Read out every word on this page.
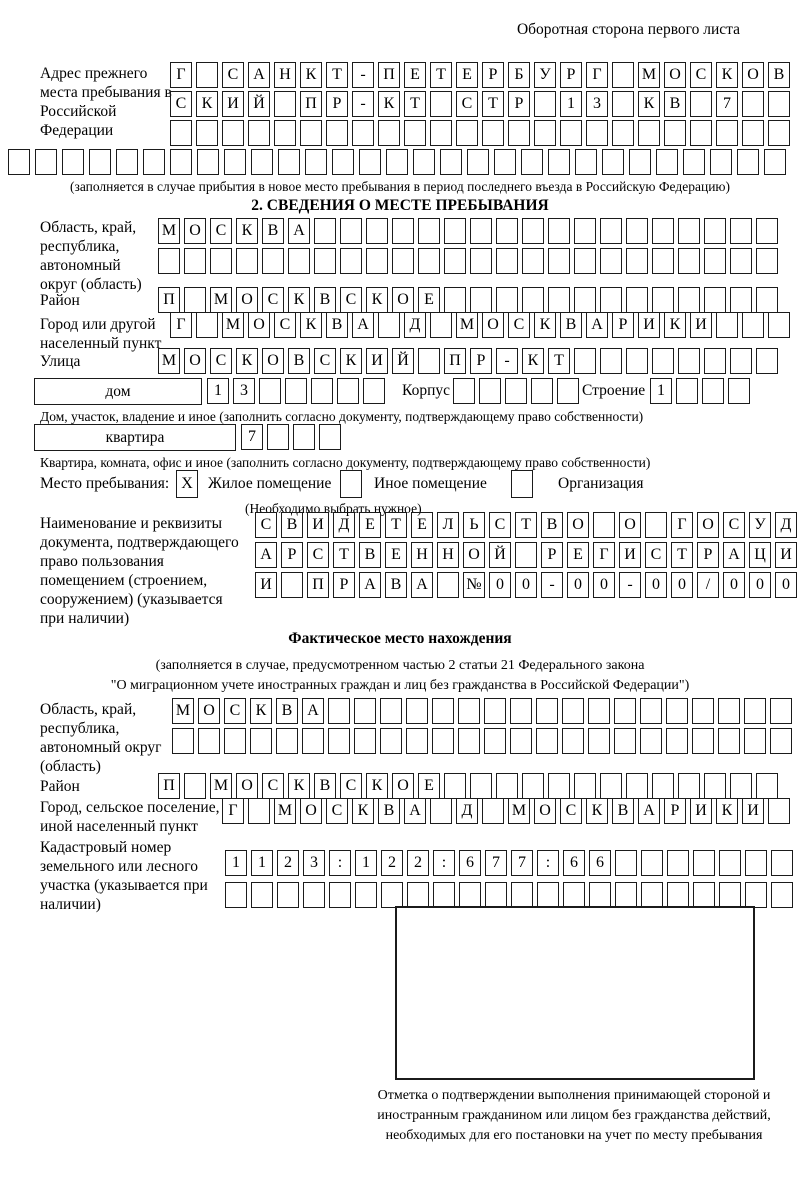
Оборотная сторона первого листа
Адрес прежнего места пребывания в Российской Федерации
Г	С А Н К Т	-	П Е	Т	Е	Р	Б У Р	Г	М О С К О В
С К И Й	П Р	-	К Т	С Т	Р	1	3	К В	7
(заполняется в случае прибытия в новое место пребывания в период последнего въезда в Российскую Федерацию)
2. СВЕДЕНИЯ О МЕСТЕ ПРЕБЫВАНИЯ
Область, край, республика, автономный округ (область)
М О С К В А
Район	П	М О С К В С К О Е
Город или другой населенный пункт
Г	М О С К В А	Д	М О С К В А Р И К И
Улица	М О С К О В С К И Й	П Р	-	К Т
дом	1	3	Корпус	Строение 1
Дом, участок, владение и иное (заполнить согласно документу, подтверждающему право собственности)
квартира	7
Квартира, комната, офис и иное (заполнить согласно документу, подтверждающему право собственности)
Место пребывания: X Жилое помещение	Иное помещение	Организация
(Необходимо выбрать нужное)
Наименование и реквизиты документа, подтверждающего право пользования помещением (строением, сооружением) (указывается при наличии)
С В И Д Е	Т	Е Л Ь	С Т В О	О	Г О С У Д
А Р	С Т В Е Н Н О Й	Р	Е	Г И С Т	Р А Ц И
И	П Р А В А	№ 0	0	-	0	0	-	0	0	/	0	0	0
Фактическое место нахождения
(заполняется в случае, предусмотренном частью 2 статьи 21 Федерального закона
"О миграционном учете иностранных граждан и лиц без гражданства в Российской Федерации")
Область, край, республика, автономный округ (область)
М О С К В А
Район	П	М О С К В С К О Е
Город, сельское поселение, иной населенный пункт
Г	М О С К В А	Д	М О С К В А Р И К И
Кадастровый номер земельного или лесного участка (указывается при наличии)
1	1	2	3	:	1	2	2	:	6	7	7	:	6	6
Отметка о подтверждении выполнения принимающей стороной и иностранным гражданином или лицом без гражданства действий, необходимых для его постановки на учет по месту пребывания
